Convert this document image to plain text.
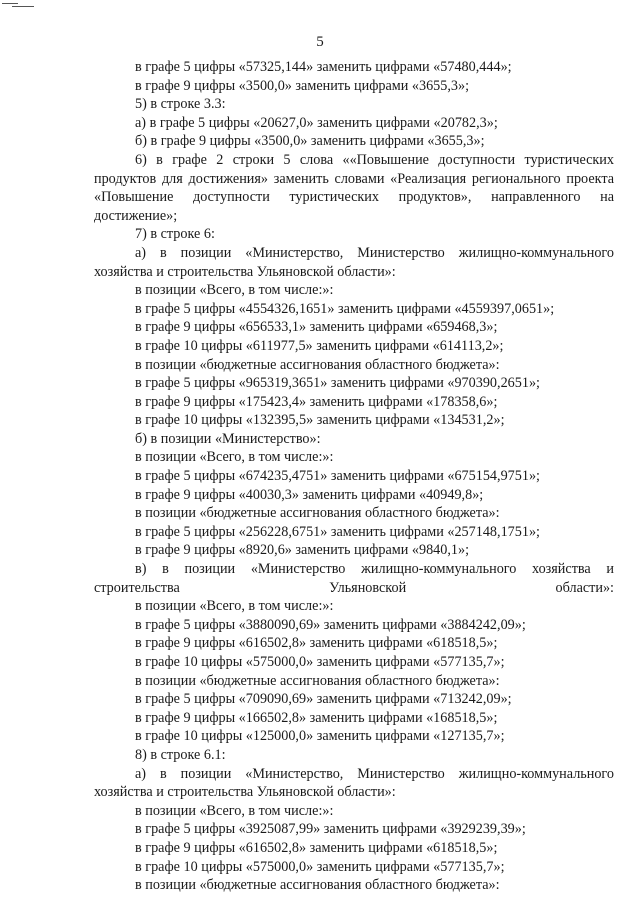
5

в графе 5 цифры «57325,144» заменить цифрами «57480,444»;

в графе 9 цифры «3500,0» заменить цифрами «3655,3»;

5) в строке 3.3:

а) в графе 5 цифры «20627,0» заменить цифрами «20782,3»;

б) в графе 9 цифры «3500,0» заменить цифрами «3655,3»;

6) в графе 2 строки 5 слова ««Повышение доступности туристических продуктов для достижения» заменить словами «Реализация регионального проекта «Повышение доступности туристических продуктов», направленного на достижение»;

7) в строке 6:

а) в позиции «Министерство, Министерство жилищно-коммунального хозяйства и строительства Ульяновской области»:

в позиции «Всего, в том числе:»:

в графе 5 цифры «4554326,1651» заменить цифрами «4559397,0651»;

в графе 9 цифры «656533,1» заменить цифрами «659468,3»;

в графе 10 цифры «611977,5» заменить цифрами «614113,2»;

в позиции «бюджетные ассигнования областного бюджета»:

в графе 5 цифры «965319,3651» заменить цифрами «970390,2651»;

в графе 9 цифры «175423,4» заменить цифрами «178358,6»;

в графе 10 цифры «132395,5» заменить цифрами «134531,2»;

б) в позиции «Министерство»:

в позиции «Всего, в том числе:»:

в графе 5 цифры «674235,4751» заменить цифрами «675154,9751»;

в графе 9 цифры «40030,3» заменить цифрами «40949,8»;

в позиции «бюджетные ассигнования областного бюджета»:

в графе 5 цифры «256228,6751» заменить цифрами «257148,1751»;

в графе 9 цифры «8920,6» заменить цифрами «9840,1»;

в) в позиции «Министерство жилищно-коммунального хозяйства и строительства Ульяновской области»:

в позиции «Всего, в том числе:»:

в графе 5 цифры «3880090,69» заменить цифрами «3884242,09»;

в графе 9 цифры «616502,8» заменить цифрами «618518,5»;

в графе 10 цифры «575000,0» заменить цифрами «577135,7»;

в позиции «бюджетные ассигнования областного бюджета»:

в графе 5 цифры «709090,69» заменить цифрами «713242,09»;

в графе 9 цифры «166502,8» заменить цифрами «168518,5»;

в графе 10 цифры «125000,0» заменить цифрами «127135,7»;

8) в строке 6.1:

а) в позиции «Министерство, Министерство жилищно-коммунального хозяйства и строительства Ульяновской области»:

в позиции «Всего, в том числе:»:

в графе 5 цифры «3925087,99» заменить цифрами «3929239,39»;

в графе 9 цифры «616502,8» заменить цифрами «618518,5»;

в графе 10 цифры «575000,0» заменить цифрами «577135,7»;

в позиции «бюджетные ассигнования областного бюджета»:
